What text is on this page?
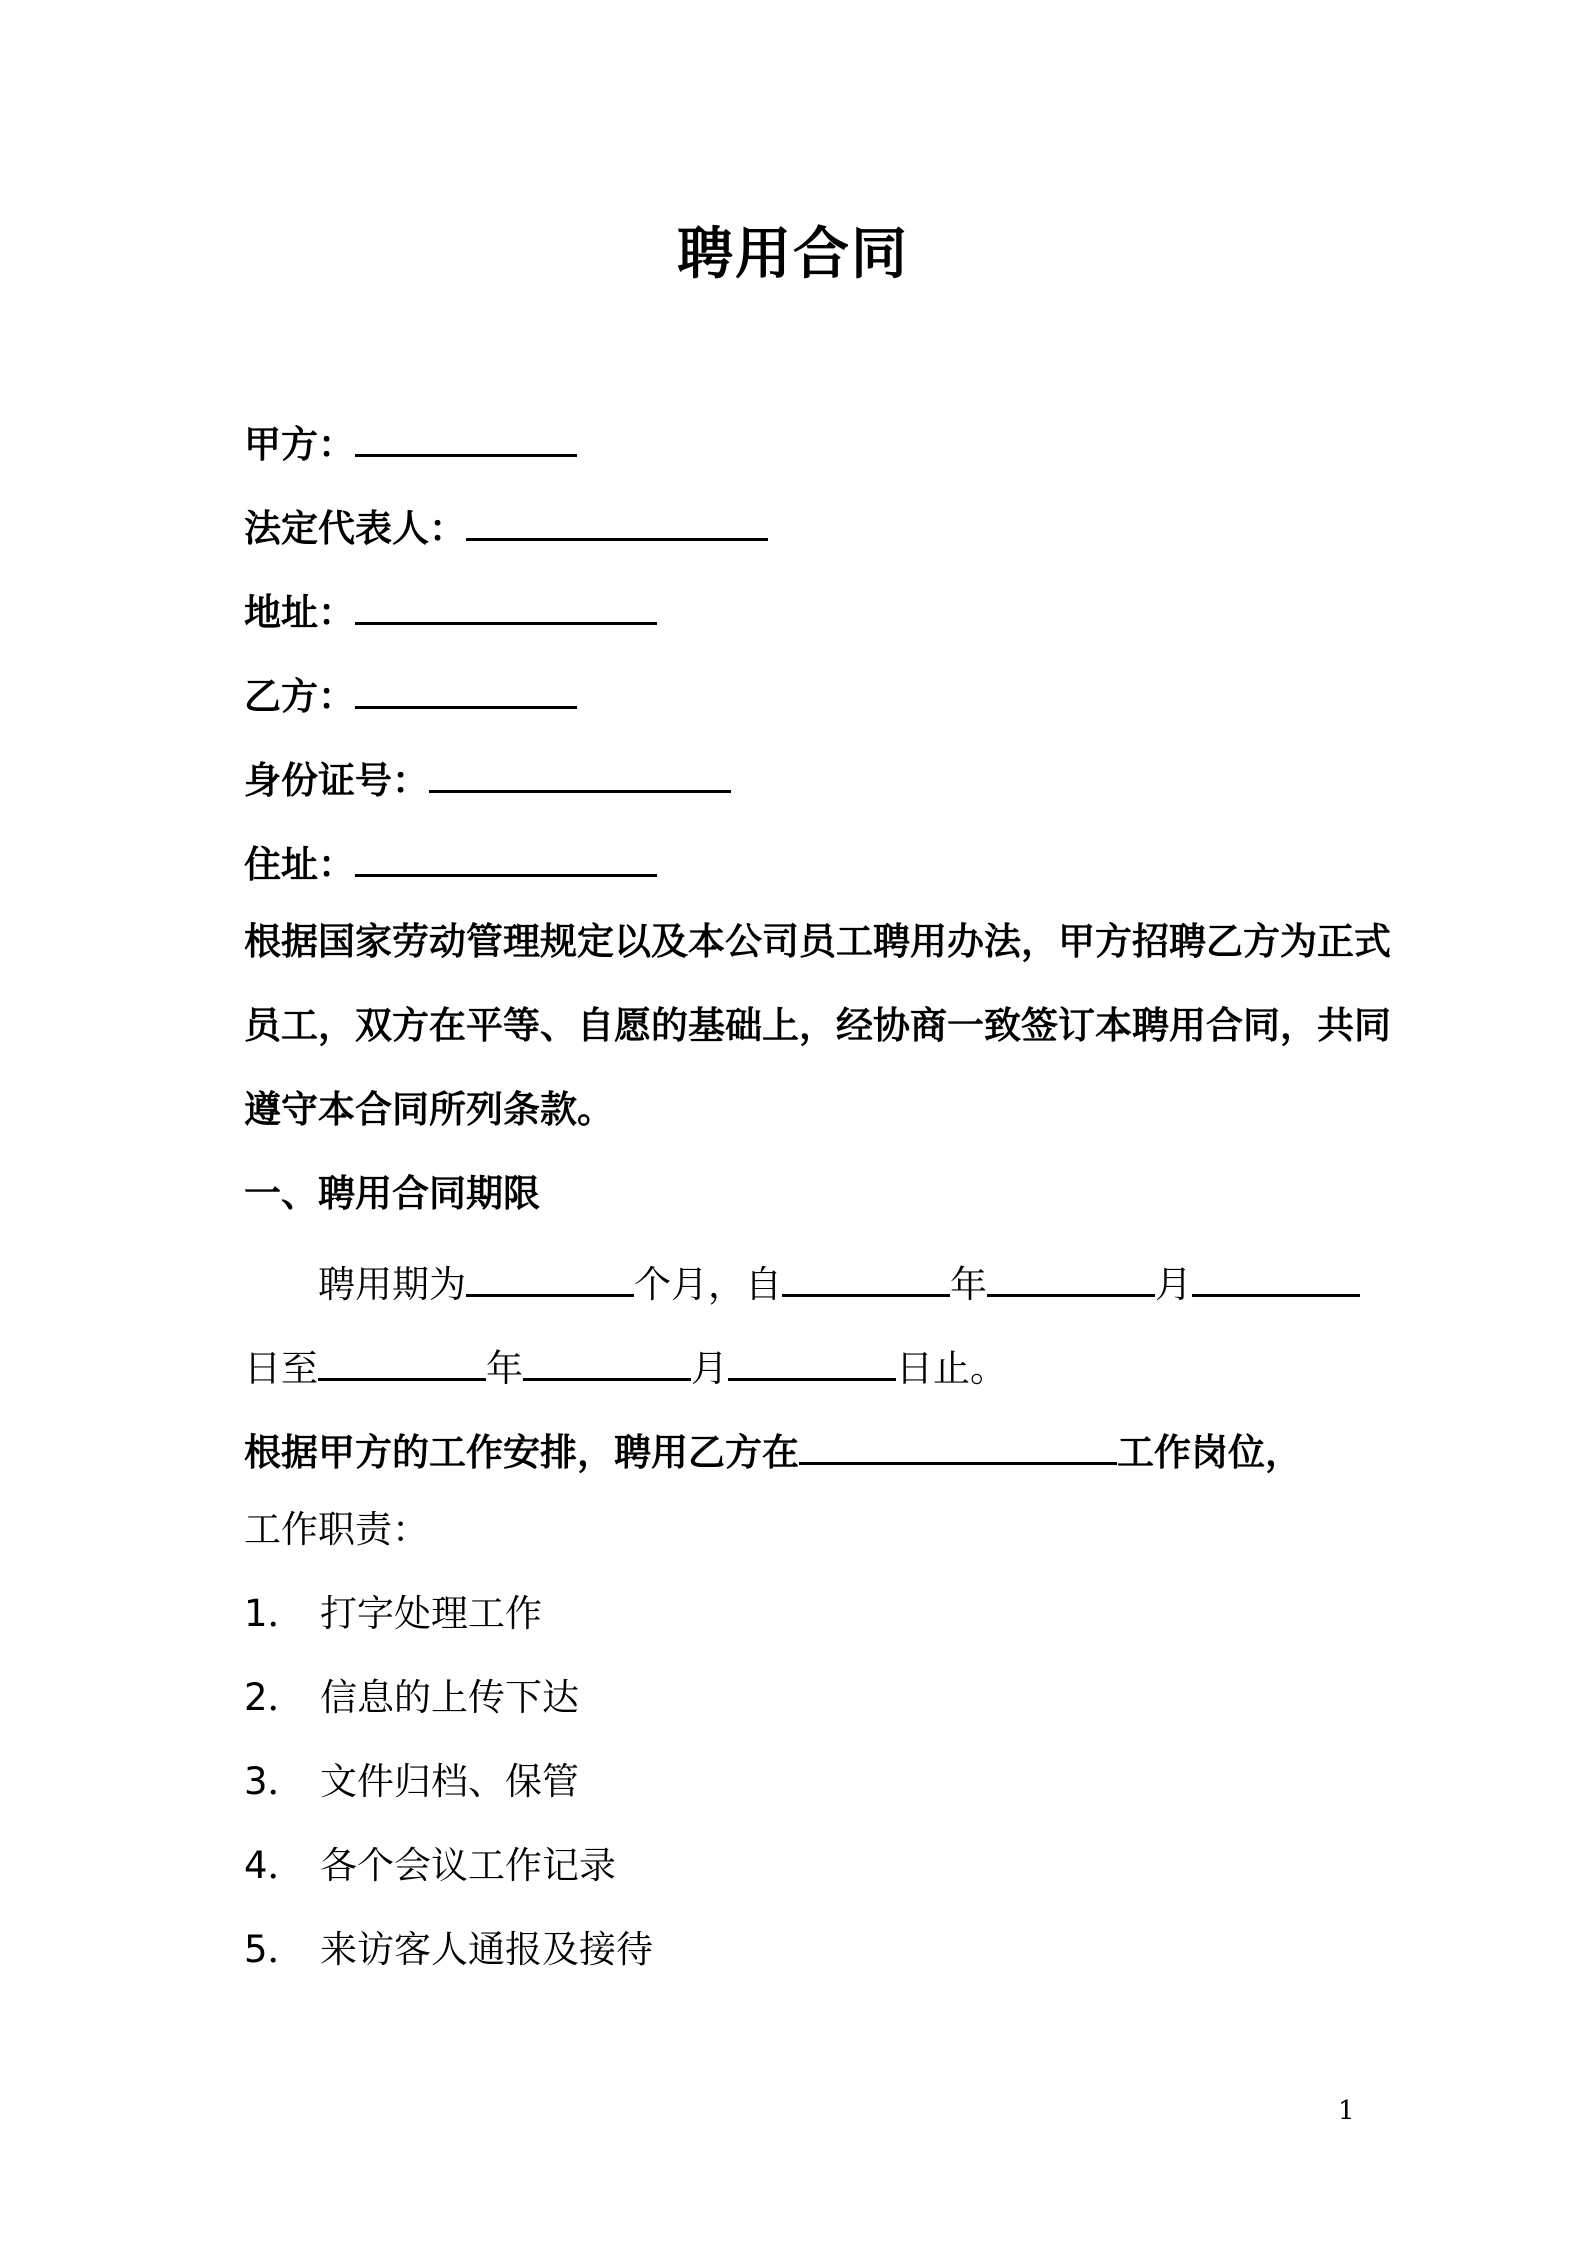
聘用合同
甲方：
法定代表人：
地址：
乙方：
身份证号：
住址：
根据国家劳动管理规定以及本公司员工聘用办法，甲方招聘乙方为正式
员工，双方在平等、自愿的基础上，经协商一致签订本聘用合同，共同
遵守本合同所列条款。
一、聘用合同期限
聘用期为	个月，自	年	月
日至	年	月	日止。
根据甲方的工作安排，聘用乙方在	工作岗位，
工作职责：
1． 打字处理工作
2． 信息的上传下达
3． 文件归档、保管
4． 各个会议工作记录
5． 来访客人通报及接待
1
